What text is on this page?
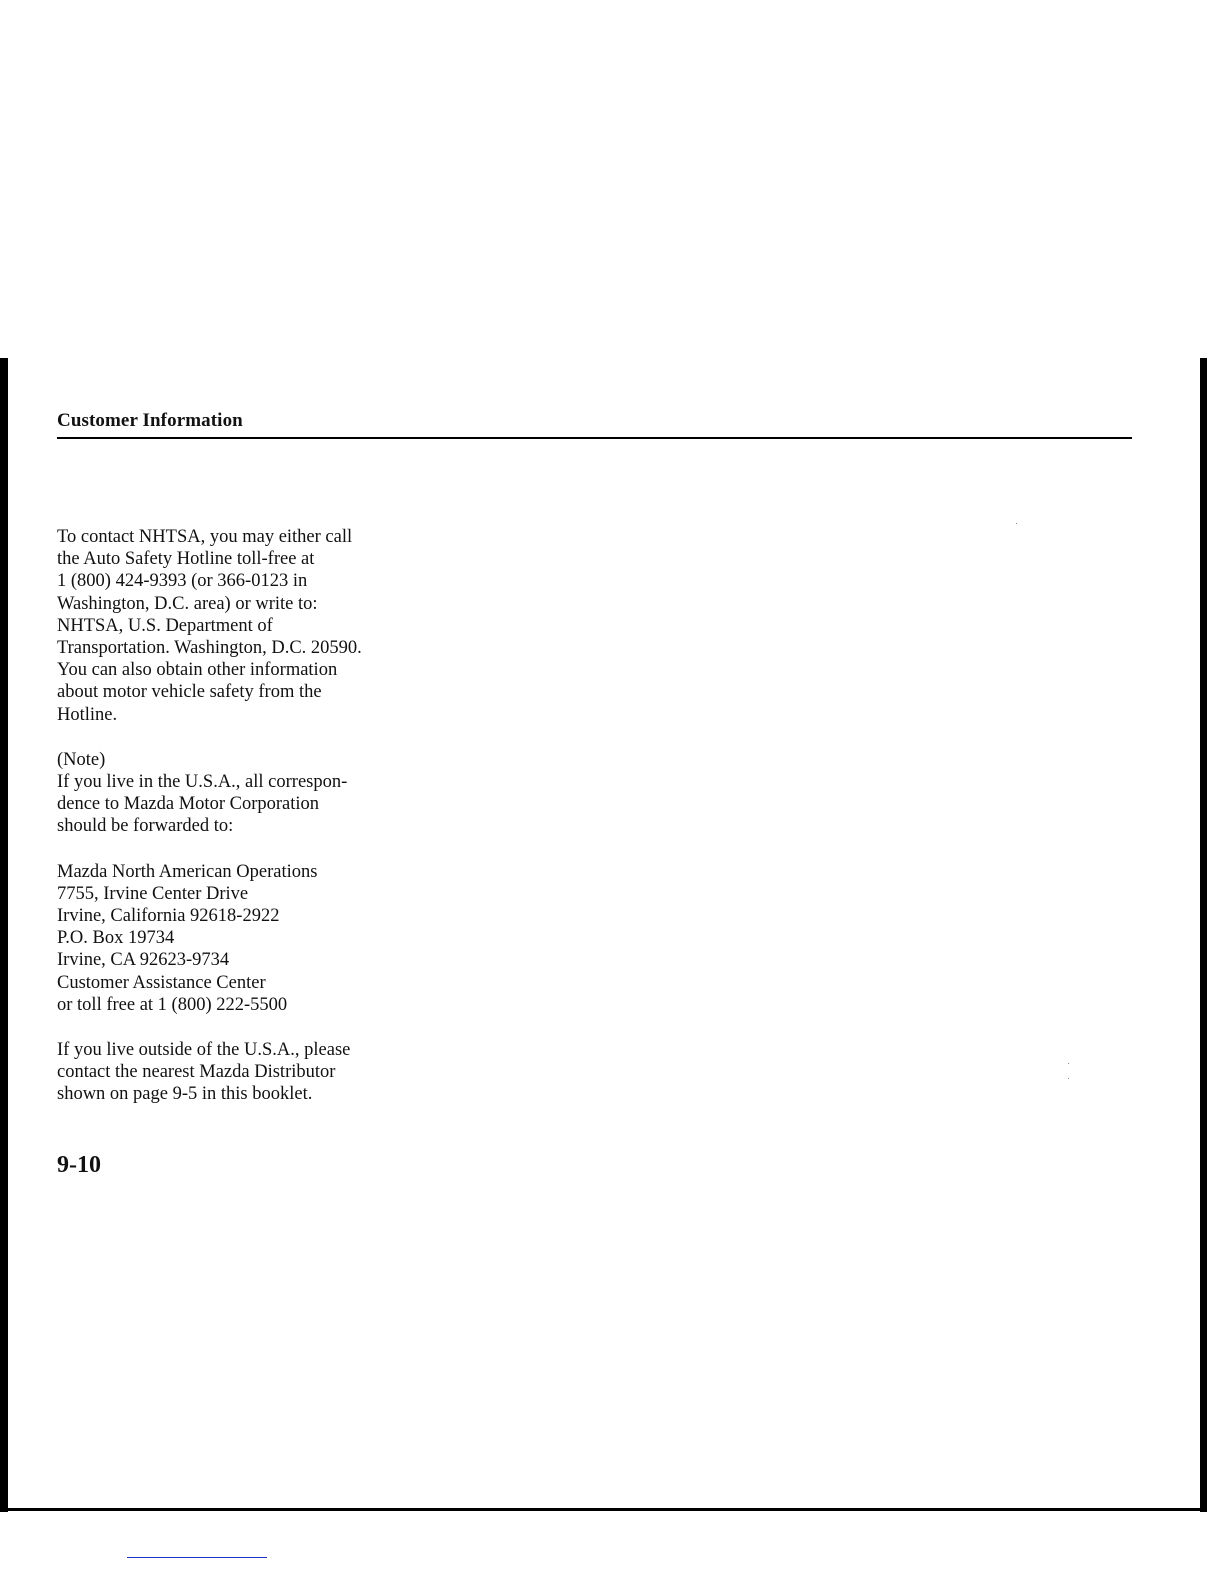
Customer Information

To contact NHTSA, you may either call
the Auto Safety Hotline toll-free at
1 (800) 424-9393 (or 366-0123 in
Washington, D.C. area) or write to:
NHTSA, U.S. Department of
Transportation. Washington, D.C. 20590.
You can also obtain other information
about motor vehicle safety from the
Hotline.

(Note)
If you live in the U.S.A., all correspon-
dence to Mazda Motor Corporation
should be forwarded to:

Mazda North American Operations
7755, Irvine Center Drive
Irvine, California 92618-2922
P.O. Box 19734
Irvine, CA 92623-9734
Customer Assistance Center
or toll free at 1 (800) 222-5500

If you live outside of the U.S.A., please
contact the nearest Mazda Distributor
shown on page 9-5 in this booklet.

9-10
